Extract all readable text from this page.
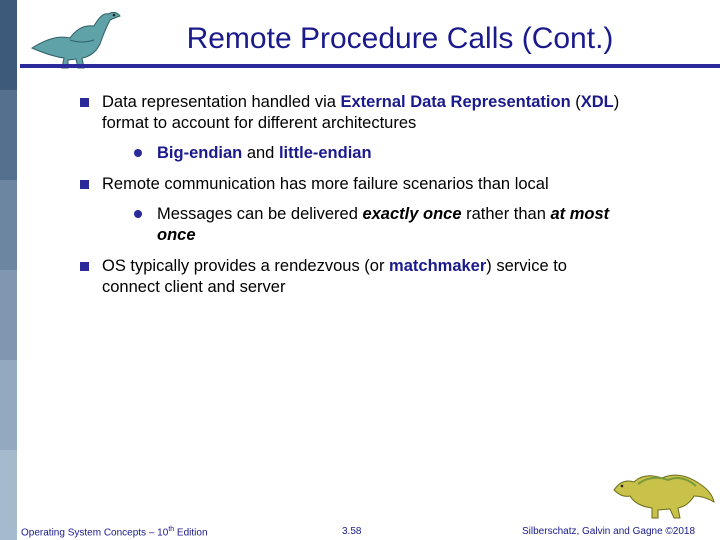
Remote Procedure Calls (Cont.)
Data representation handled via External Data Representation (XDL) format to account for different architectures
Big-endian and little-endian
Remote communication has more failure scenarios than local
Messages can be delivered exactly once rather than at most once
OS typically provides a rendezvous (or matchmaker) service to connect client and server
Operating System Concepts – 10th Edition	3.58	Silberschatz, Galvin and Gagne ©2018
